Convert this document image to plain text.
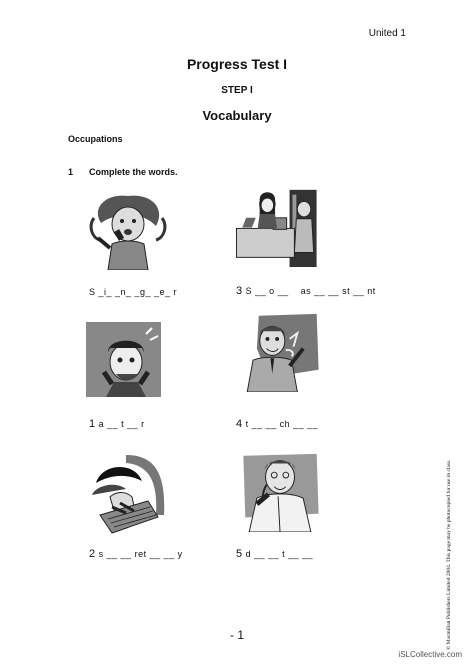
United 1
Progress Test I
STEP I
Vocabulary
Occupations
1 Complete the words.
S _i_ _n_ _g_ _e_ r	3 S __ o __    as __ __ st __ nt
1 a __ t __ r	4 t __ __ ch __ __
2 s __ __ ret __ __ y	5 d __ __ t __ __	© Macmillan Publishers Limited 2004. This page may be photocopied for use in class.
- 1
iSLCollective.com
